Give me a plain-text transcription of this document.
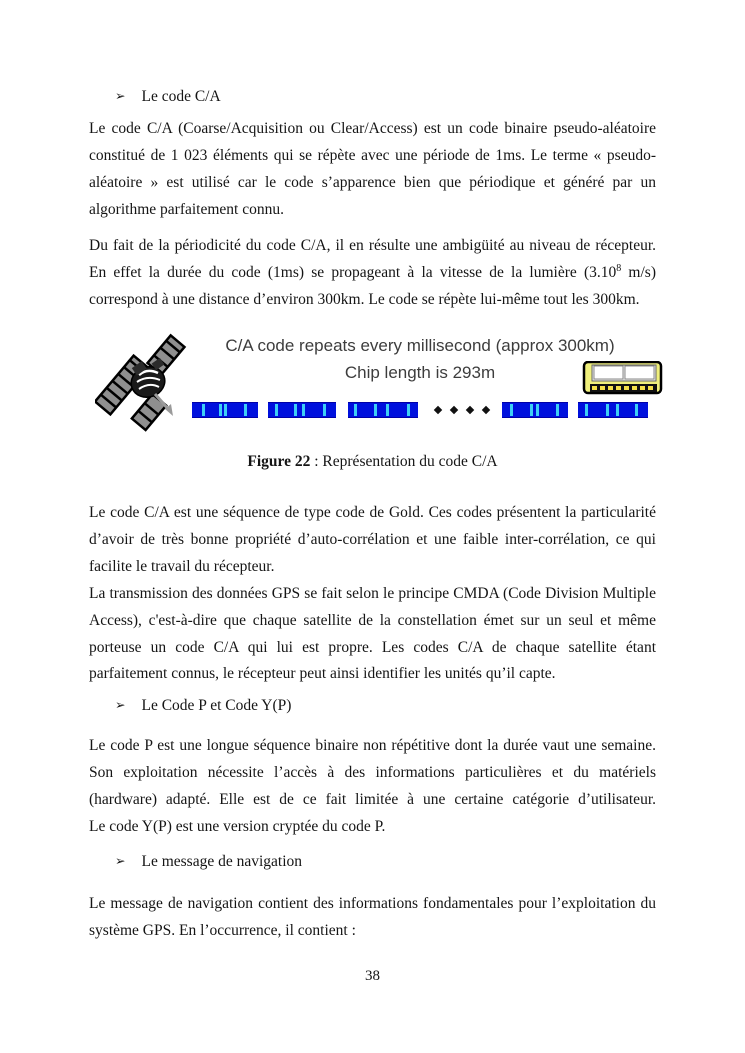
➢ Le code C/A

Le code C/A (Coarse/Acquisition ou Clear/Access) est un code binaire pseudo-aléatoire constitué de 1 023 éléments qui se répète avec une période de 1ms. Le terme « pseudo-aléatoire » est utilisé car le code s’apparence bien que périodique et généré par un algorithme parfaitement connu.

Du fait de la périodicité du code C/A, il en résulte une ambigüité au niveau de récepteur. En effet la durée du code (1ms) se propageant à la vitesse de la lumière (3.10$^8$ m/s) correspond à une distance d’environ 300km. Le code se répète lui-même tout les 300km.

C/A code repeats every millisecond (approx 300km)
Chip length is 293m
Figure 22 : Représentation du code C/A

Le code C/A est une séquence de type code de Gold. Ces codes présentent la particularité d’avoir de très bonne propriété d’auto-corrélation et une faible inter-corrélation, ce qui facilite le travail du récepteur.

La transmission des données GPS se fait selon le principe CMDA (Code Division Multiple Access), c'est-à-dire que chaque satellite de la constellation émet sur un seul et même porteuse un code C/A qui lui est propre. Les codes C/A de chaque satellite étant parfaitement connus, le récepteur peut ainsi identifier les unités qu’il capte.

➢ Le Code P et Code Y(P)

Le code P est une longue séquence binaire non répétitive dont la durée vaut une semaine. Son exploitation nécessite l’accès à des informations particulières et du matériels (hardware) adapté. Elle est de ce fait limitée à une certaine catégorie d’utilisateur.

Le code Y(P) est une version cryptée du code P.

➢ Le message de navigation

Le message de navigation contient des informations fondamentales pour l’exploitation du système GPS. En l’occurrence, il contient :

38
